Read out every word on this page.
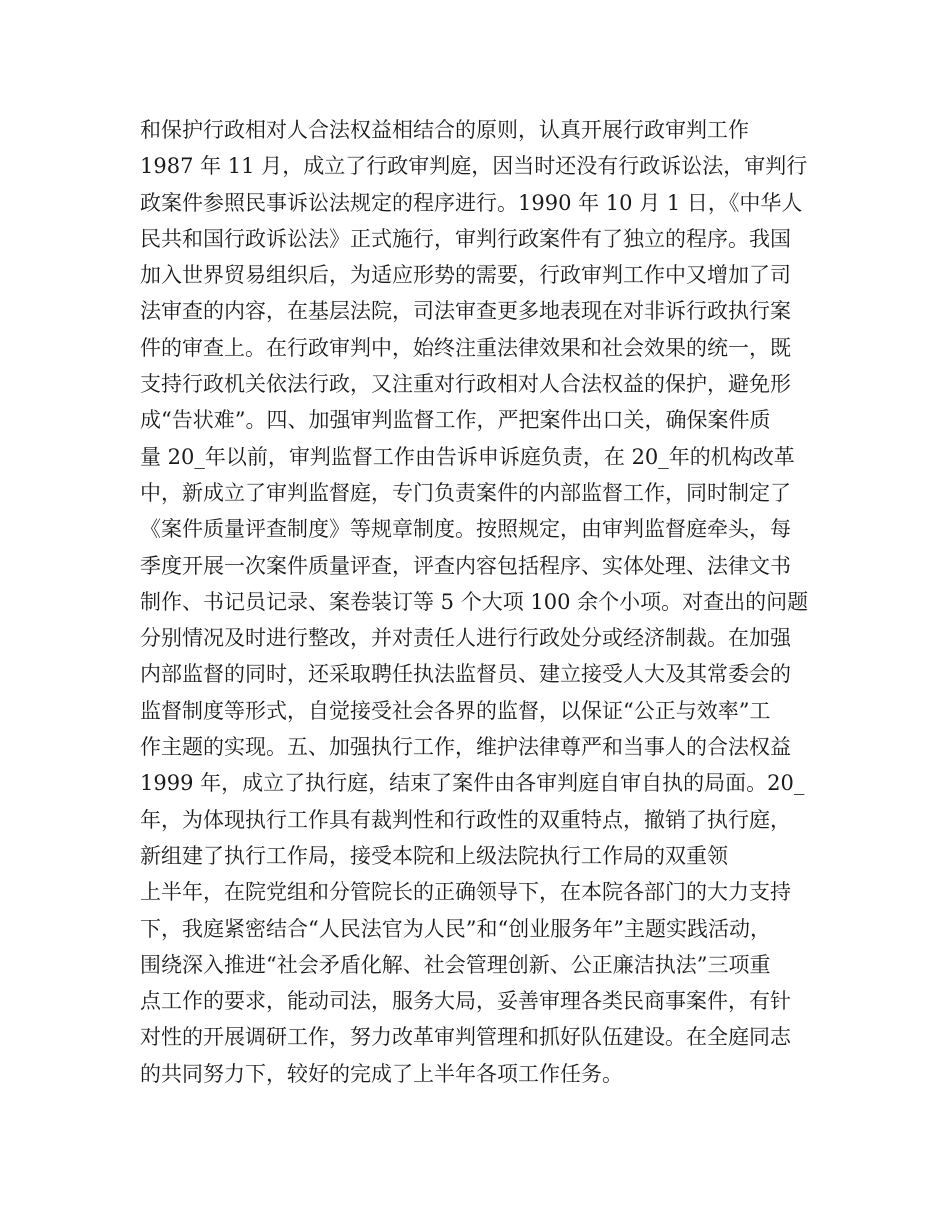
和保护行政相对人合法权益相结合的原则，认真开展行政审判工作
1987 年 11 月，成立了行政审判庭，因当时还没有行政诉讼法，审判行
政案件参照民事诉讼法规定的程序进行。1990 年 10 月 1 日，《中华人
民共和国行政诉讼法》正式施行，审判行政案件有了独立的程序。我国
加入世界贸易组织后，为适应形势的需要，行政审判工作中又增加了司
法审查的内容，在基层法院，司法审查更多地表现在对非诉行政执行案
件的审查上。在行政审判中，始终注重法律效果和社会效果的统一，既
支持行政机关依法行政，又注重对行政相对人合法权益的保护，避免形
成“告状难”。四、加强审判监督工作，严把案件出口关，确保案件质
量 20_年以前，审判监督工作由告诉申诉庭负责，在 20_年的机构改革
中，新成立了审判监督庭，专门负责案件的内部监督工作，同时制定了
《案件质量评查制度》等规章制度。按照规定，由审判监督庭牵头，每
季度开展一次案件质量评查，评查内容包括程序、实体处理、法律文书
制作、书记员记录、案卷装订等 5 个大项 100 余个小项。对查出的问题
分别情况及时进行整改，并对责任人进行行政处分或经济制裁。在加强
内部监督的同时，还采取聘任执法监督员、建立接受人大及其常委会的
监督制度等形式，自觉接受社会各界的监督，以保证“公正与效率”工
作主题的实现。五、加强执行工作，维护法律尊严和当事人的合法权益
1999 年，成立了执行庭，结束了案件由各审判庭自审自执的局面。20_
年，为体现执行工作具有裁判性和行政性的双重特点，撤销了执行庭，
新组建了执行工作局，接受本院和上级法院执行工作局的双重领
上半年，在院党组和分管院长的正确领导下，在本院各部门的大力支持
下，我庭紧密结合“人民法官为人民”和“创业服务年”主题实践活动，
围绕深入推进“社会矛盾化解、社会管理创新、公正廉洁执法”三项重
点工作的要求，能动司法，服务大局，妥善审理各类民商事案件，有针
对性的开展调研工作，努力改革审判管理和抓好队伍建设。在全庭同志
的共同努力下，较好的完成了上半年各项工作任务。
